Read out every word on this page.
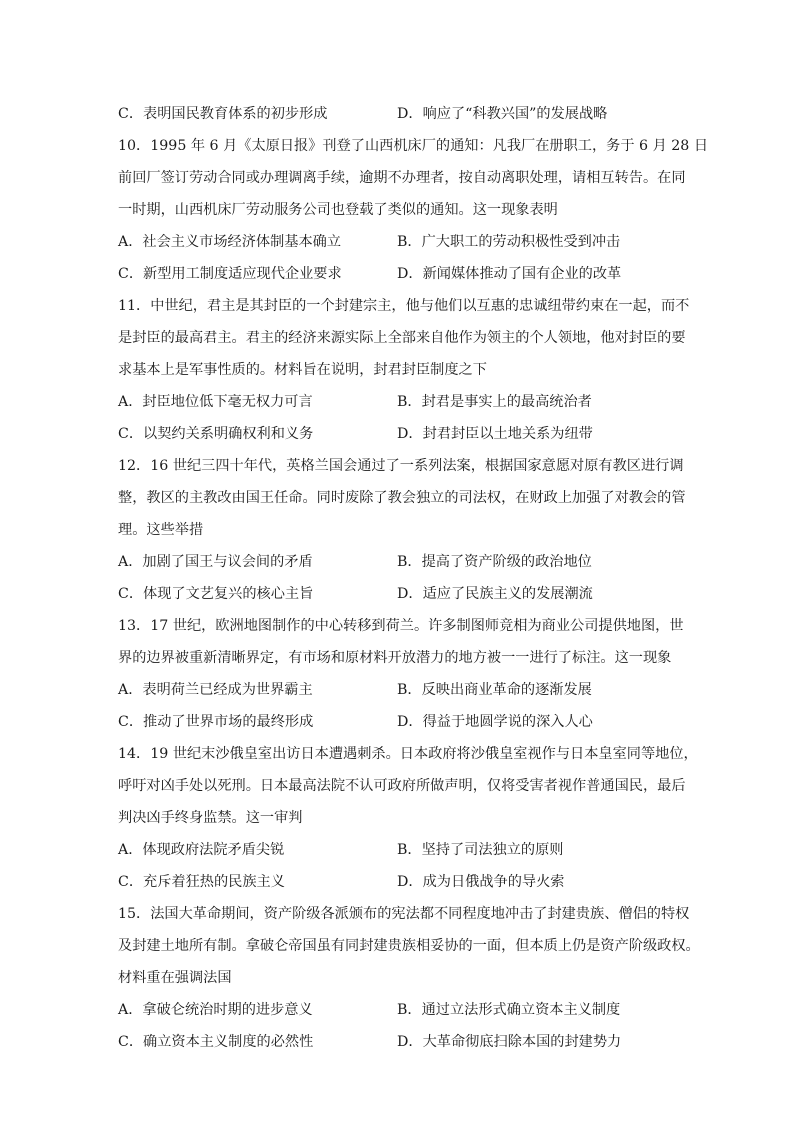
C．表明国民教育体系的初步形成	D．响应了“科教兴国”的发展战略
10．1995 年 6 月《太原日报》刊登了山西机床厂的通知：凡我厂在册职工，务于 6 月 28 日
前回厂签订劳动合同或办理调离手续，逾期不办理者，按自动离职处理，请相互转告。在同
一时期，山西机床厂劳动服务公司也登载了类似的通知。这一现象表明
A．社会主义市场经济体制基本确立	B．广大职工的劳动积极性受到冲击
C．新型用工制度适应现代企业要求	D．新闻媒体推动了国有企业的改革
11．中世纪，君主是其封臣的一个封建宗主，他与他们以互惠的忠诚纽带约束在一起，而不
是封臣的最高君主。君主的经济来源实际上全部来自他作为领主的个人领地，他对封臣的要
求基本上是军事性质的。材料旨在说明，封君封臣制度之下
A．封臣地位低下毫无权力可言	B．封君是事实上的最高统治者
C．以契约关系明确权利和义务	D．封君封臣以土地关系为纽带
12．16 世纪三四十年代，英格兰国会通过了一系列法案，根据国家意愿对原有教区进行调
整，教区的主教改由国王任命。同时废除了教会独立的司法权，在财政上加强了对教会的管
理。这些举措
A．加剧了国王与议会间的矛盾	B．提高了资产阶级的政治地位
C．体现了文艺复兴的核心主旨	D．适应了民族主义的发展潮流
13．17 世纪，欧洲地图制作的中心转移到荷兰。许多制图师竞相为商业公司提供地图，世
界的边界被重新清晰界定，有市场和原材料开放潜力的地方被一一进行了标注。这一现象
A．表明荷兰已经成为世界霸主	B．反映出商业革命的逐渐发展
C．推动了世界市场的最终形成	D．得益于地圆学说的深入人心
14．19 世纪末沙俄皇室出访日本遭遇刺杀。日本政府将沙俄皇室视作与日本皇室同等地位，
呼吁对凶手处以死刑。日本最高法院不认可政府所做声明，仅将受害者视作普通国民，最后
判决凶手终身监禁。这一审判
A．体现政府法院矛盾尖锐	B．坚持了司法独立的原则
C．充斥着狂热的民族主义	D．成为日俄战争的导火索
15．法国大革命期间，资产阶级各派颁布的宪法都不同程度地冲击了封建贵族、僧侣的特权
及封建土地所有制。拿破仑帝国虽有同封建贵族相妥协的一面，但本质上仍是资产阶级政权。
材料重在强调法国
A．拿破仑统治时期的进步意义	B．通过立法形式确立资本主义制度
C．确立资本主义制度的必然性	D．大革命彻底扫除本国的封建势力
